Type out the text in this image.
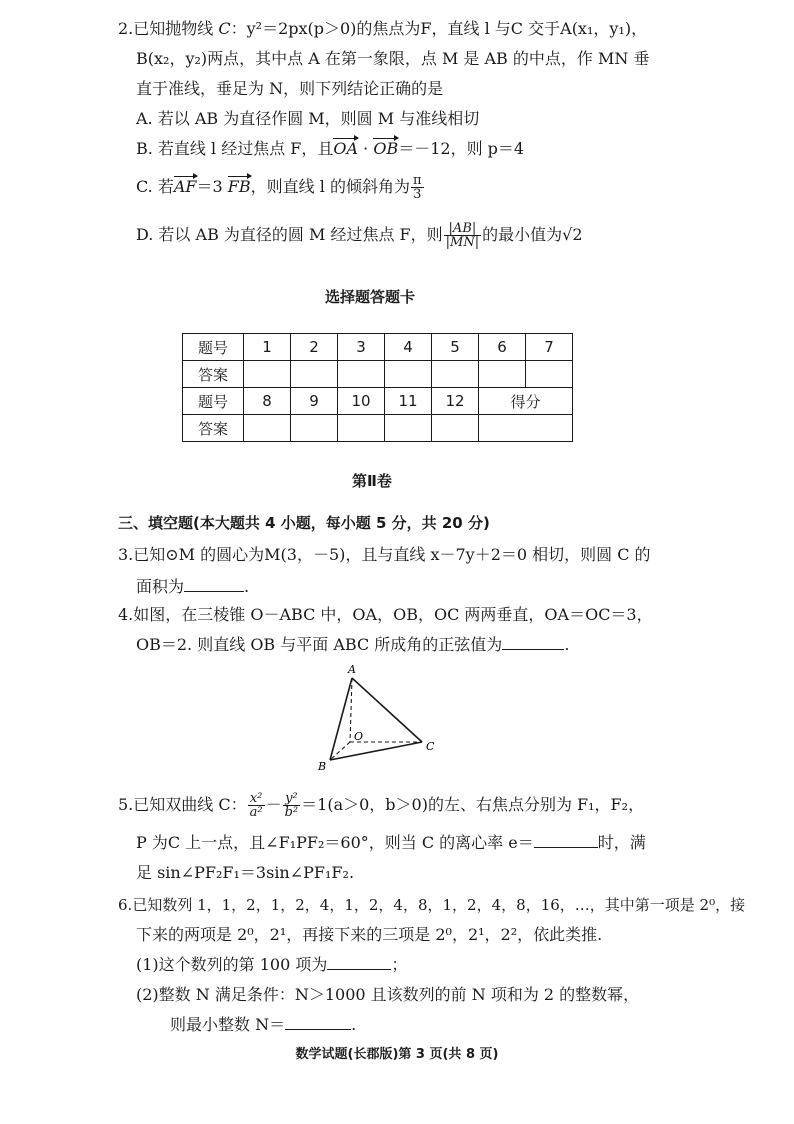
2.已知抛物线 C：y²＝2px(p＞0)的焦点为F，直线 l 与C 交于A(x₁，y₁)，
B(x₂，y₂)两点，其中点 A 在第一象限，点 M 是 AB 的中点，作 MN 垂
直于准线，垂足为 N，则下列结论正确的是
A. 若以 AB 为直径作圆 M，则圆 M 与准线相切
B. 若直线 l 经过焦点 F，且OA · OB＝－12，则 p＝4
C. 若AF＝3 FB，则直线 l 的倾斜角为 $\frac{\pi}{3}$
D. 若以 AB 为直径的圆 M 经过焦点 F，则 $\frac{|AB|}{|MN|}$ 的最小值为√2
选择题答题卡
题号	1	2	3	4	5	6	7
答案							
题号	8	9	10	11	12	得分	
答案							
第Ⅱ卷
三、填空题(本大题共 4 小题，每小题 5 分，共 20 分)
3.已知⊙M 的圆心为M(3，－5)，且与直线 x－7y＋2＝0 相切，则圆 C 的
面积为	.
4.如图，在三棱锥 O－ABC 中，OA，OB，OC 两两垂直，OA＝OC＝3，
OB＝2. 则直线 OB 与平面 ABC 所成角的正弦值为	.
A
B
C
O
5.已知双曲线 C： $\frac{\text{x²}}{\text{a²}} - \frac{\text{y²}}{\text{b²}} =1(a>0$，b＞0)的左、右焦点分别为 F₁，F₂，
P 为C 上一点，且∠F₁PF₂＝60°，则当 C 的离心率 e＝	时，满
足 sin∠PF₂F₁＝3sin∠PF₁F₂.
6.已知数列 1，1，2，1，2，4，1，2，4，8，1，2，4，8，16，…，其中第一项是 2⁰，接
下来的两项是 2⁰，2¹，再接下来的三项是 2⁰，2¹，2²，依此类推.
(1)这个数列的第 100 项为	；
(2)整数 N 满足条件：N＞1000 且该数列的前 N 项和为 2 的整数幂，
则最小整数 N＝	.
数学试题(长郡版)第 3 页(共 8 页)
